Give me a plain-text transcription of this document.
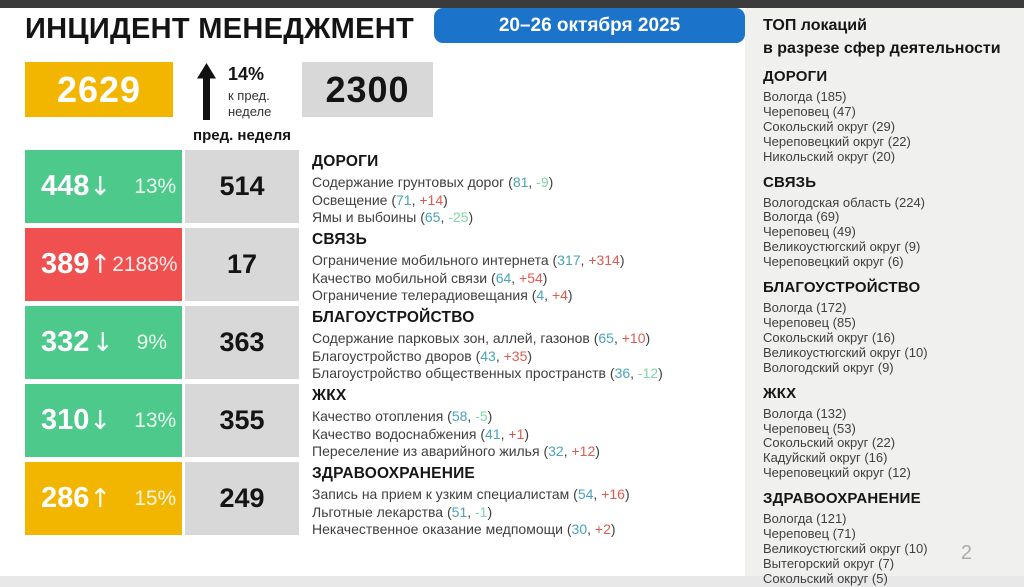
ИНЦИДЕНТ МЕНЕДЖМЕНТ	20–26 октября 2025
2629	14%
к пред.
неделе
2300
пред. неделя
448 ↓ 13%	514
ДОРОГИ
Содержание грунтовых дорог (81, -9)
Освещение (71, +14)
Ямы и выбоины (65, -25)
389 ↑ 2188%	17
СВЯЗЬ
Ограничение мобильного интернета (317, +314)
Качество мобильной связи (64, +54)
Ограничение телерадиовещания (4, +4)
332 ↓ 9%	363
БЛАГОУСТРОЙСТВО
Содержание парковых зон, аллей, газонов (65, +10)
Благоустройство дворов (43, +35)
Благоустройство общественных пространств (36, -12)
310 ↓ 13%	355
ЖКХ
Качество отопления (58, -5)
Качество водоснабжения (41, +1)
Переселение из аварийного жилья (32, +12)
286 ↑ 15%	249
ЗДРАВООХРАНЕНИЕ
Запись на прием к узким специалистам (54, +16)
Льготные лекарства (51, -1)
Некачественное оказание медпомощи (30, +2)
ТОП локаций
в разрезе сфер деятельности
ДОРОГИ
Вологда (185)
Череповец (47)
Сокольский округ (29)
Череповецкий округ (22)
Никольский округ (20)
СВЯЗЬ
Вологодская область (224)
Вологда (69)
Череповец (49)
Великоустюгский округ (9)
Череповецкий округ (6)
БЛАГОУСТРОЙСТВО
Вологда (172)
Череповец (85)
Сокольский округ (16)
Великоустюгский округ (10)
Вологодский округ (9)
ЖКХ
Вологда (132)
Череповец (53)
Сокольский округ (22)
Кадуйский округ (16)
Череповецкий округ (12)
ЗДРАВООХРАНЕНИЕ
Вологда (121)
Череповец (71)
Великоустюгский округ (10)
Вытегорский округ (7)
Сокольский округ (5)
2
